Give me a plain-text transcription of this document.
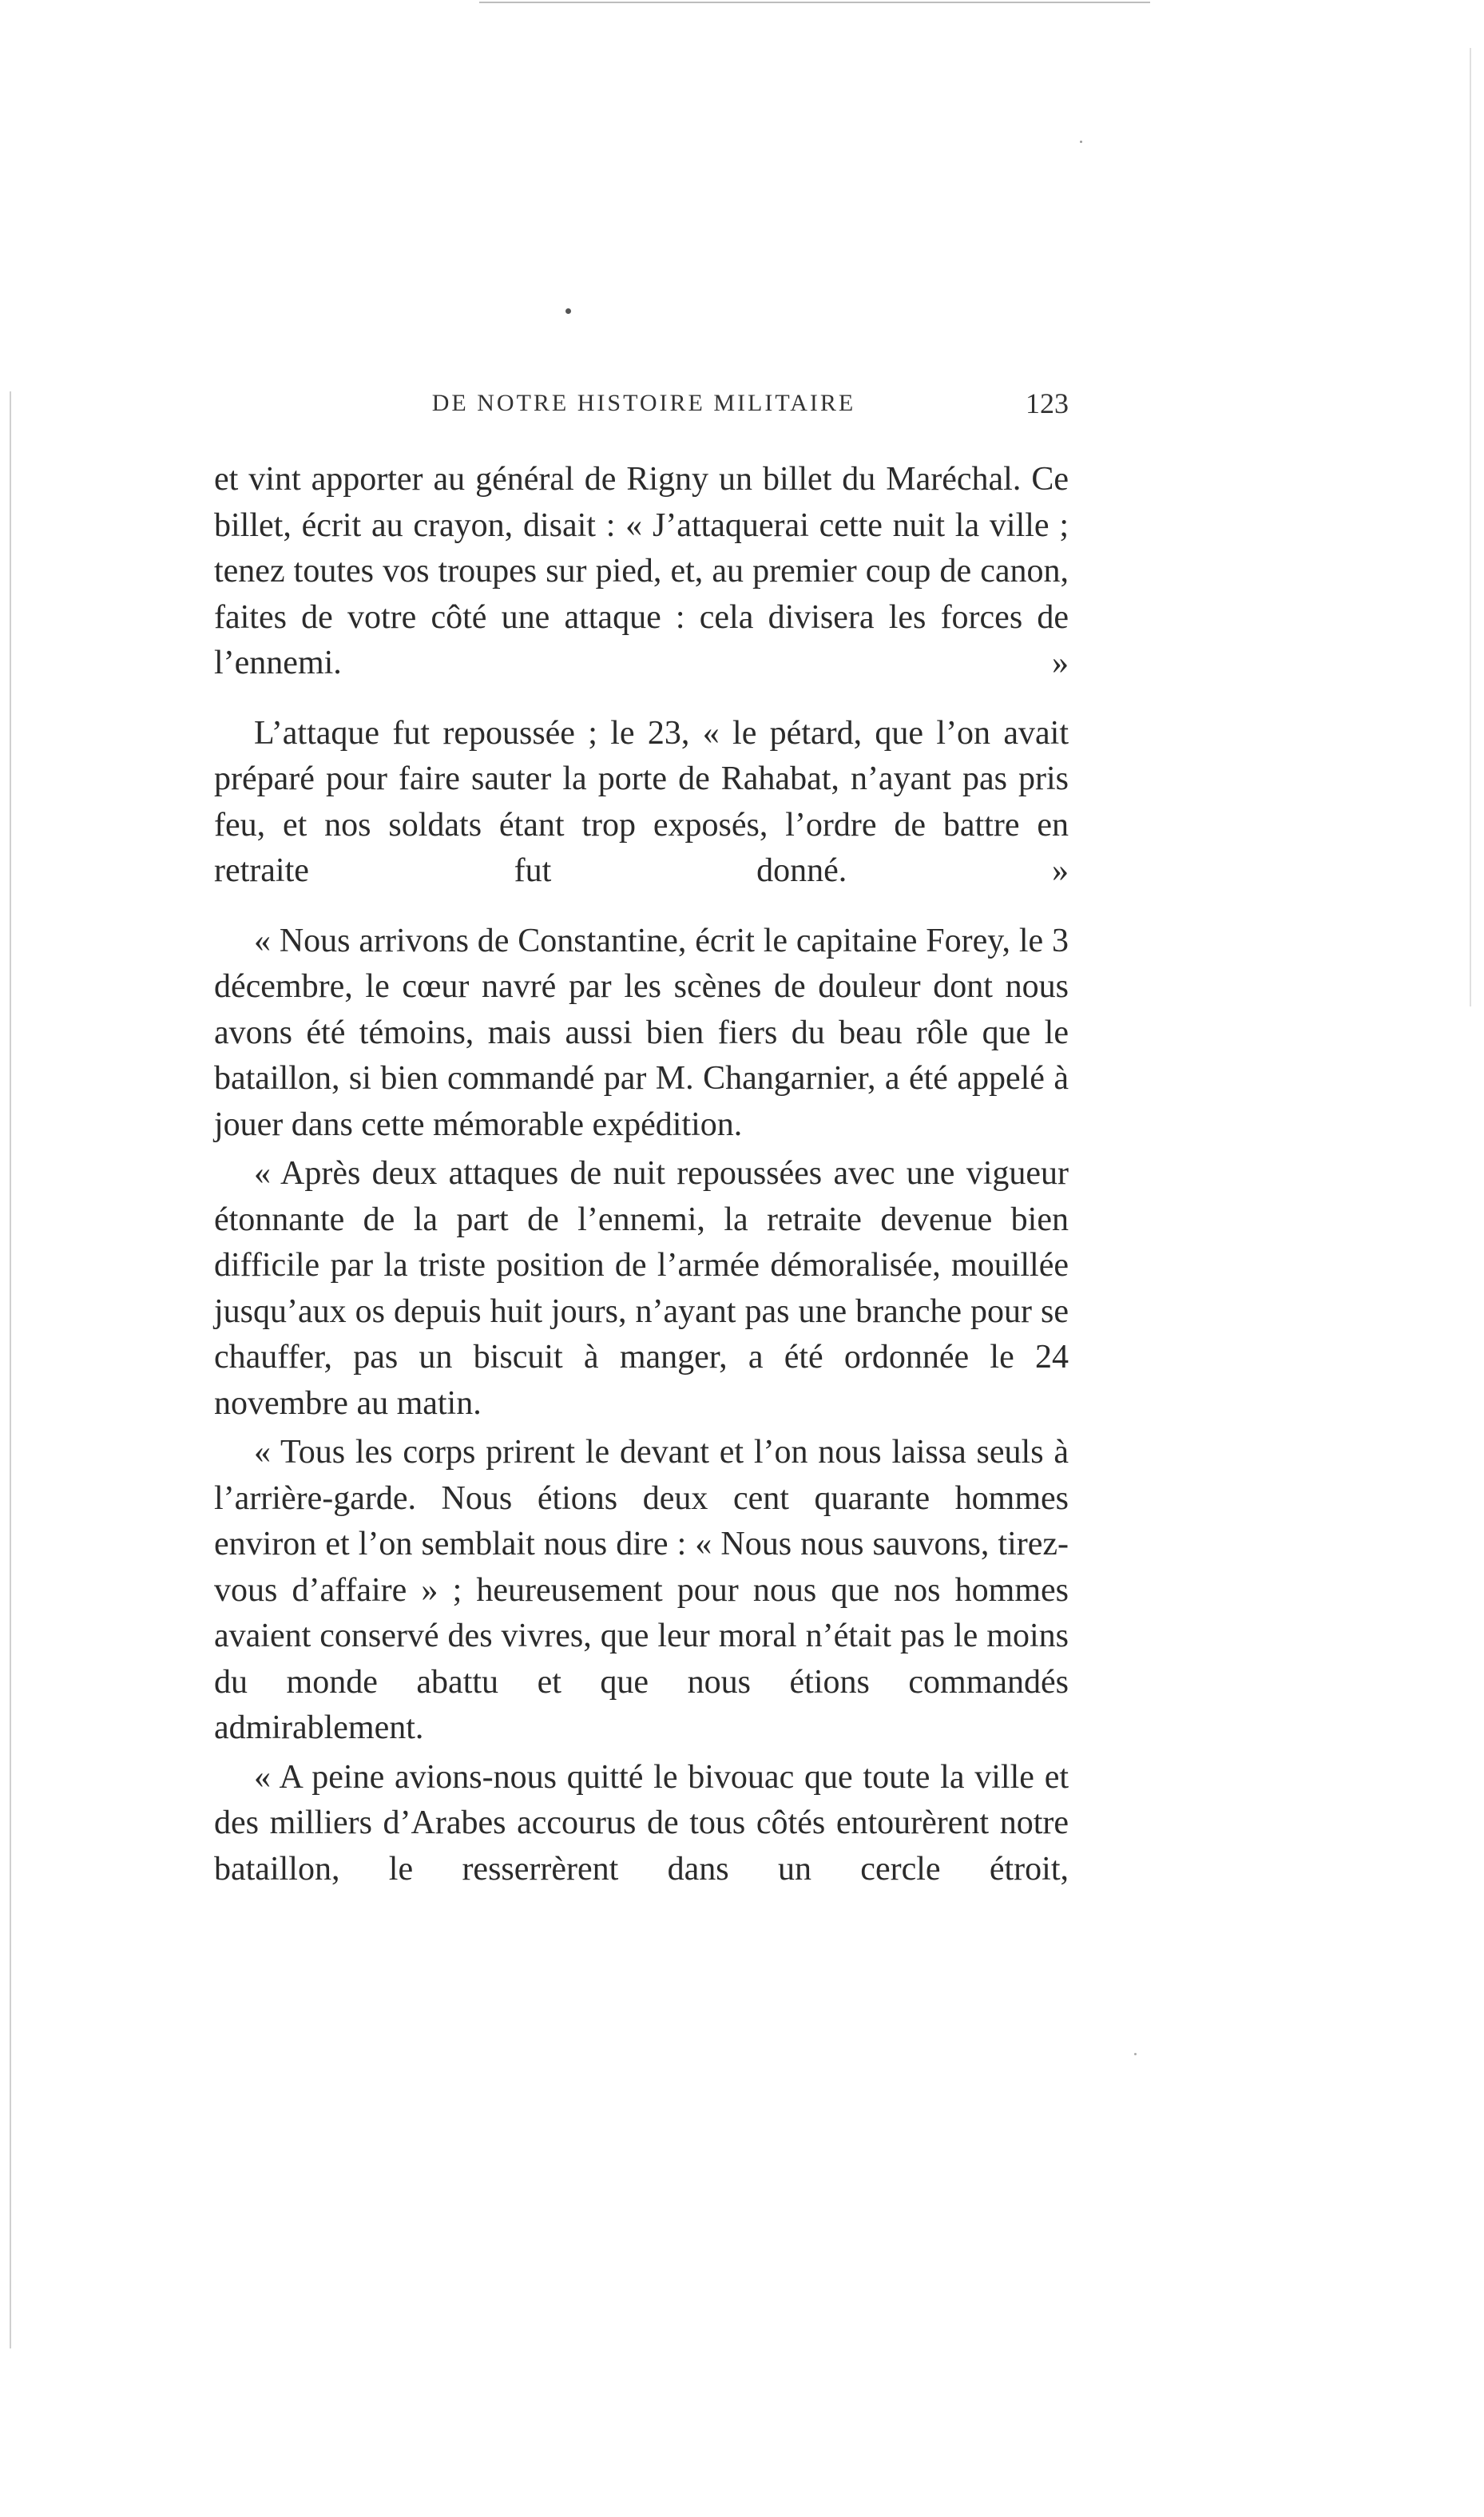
DE NOTRE HISTOIRE MILITAIRE	123

et vint apporter au général de Rigny un billet du Maréchal. Ce billet, écrit au crayon, disait : « J’attaquerai cette nuit la ville ; tenez toutes vos troupes sur pied, et, au premier coup de canon, faites de votre côté une attaque : cela divisera les forces de l’ennemi. »

L’attaque fut repoussée ; le 23, « le pétard, que l’on avait préparé pour faire sauter la porte de Rahabat, n’ayant pas pris feu, et nos soldats étant trop exposés, l’ordre de battre en retraite fut donné. »

« Nous arrivons de Constantine, écrit le capitaine Forey, le 3 décembre, le cœur navré par les scènes de douleur dont nous avons été témoins, mais aussi bien fiers du beau rôle que le bataillon, si bien commandé par M. Changarnier, a été appelé à jouer dans cette mémorable expédition.

« Après deux attaques de nuit repoussées avec une vigueur étonnante de la part de l’ennemi, la retraite devenue bien difficile par la triste position de l’armée démoralisée, mouillée jusqu’aux os depuis huit jours, n’ayant pas une branche pour se chauffer, pas un biscuit à manger, a été ordonnée le 24 novembre au matin.

« Tous les corps prirent le devant et l’on nous laissa seuls à l’arrière-garde. Nous étions deux cent quarante hommes environ et l’on semblait nous dire : « Nous nous sauvons, tirez-vous d’affaire » ; heureusement pour nous que nos hommes avaient conservé des vivres, que leur moral n’était pas le moins du monde abattu et que nous étions commandés admirablement.

« A peine avions-nous quitté le bivouac que toute la ville et des milliers d’Arabes accourus de tous côtés entourèrent notre bataillon, le resserrèrent dans un cercle étroit,
